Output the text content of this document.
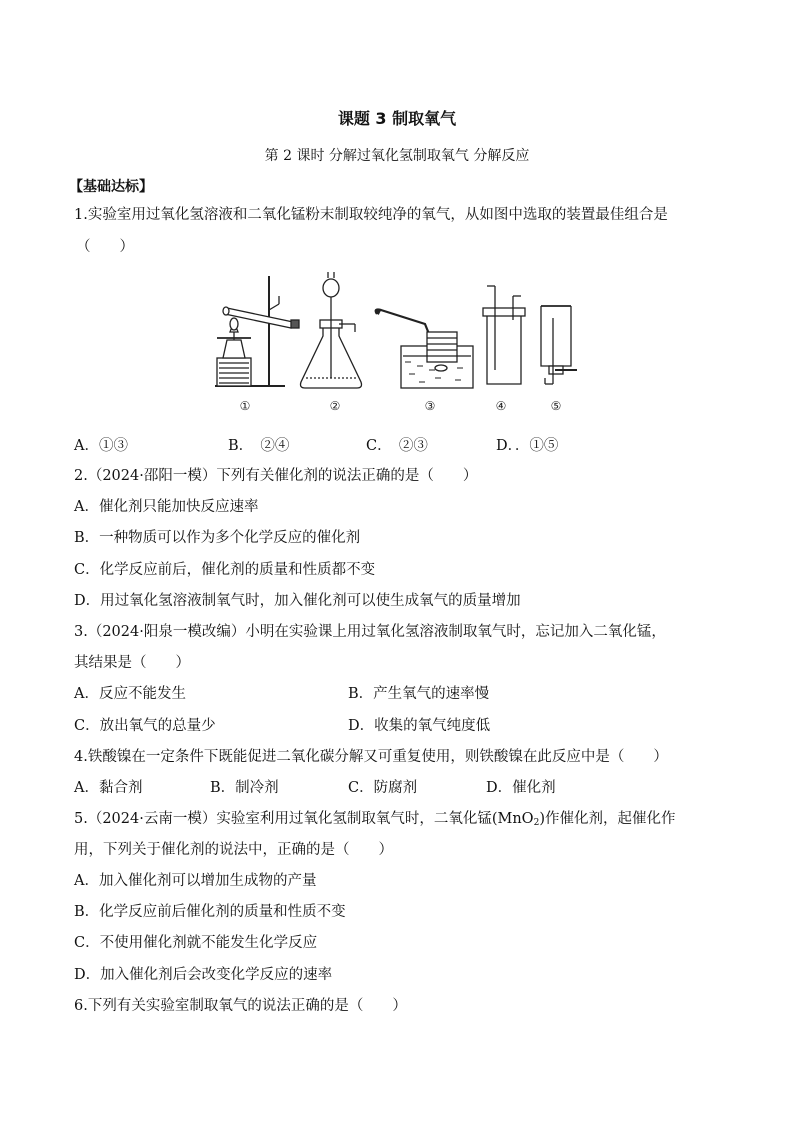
课题 3 制取氧气
第 2 课时 分解过氧化氢制取氧气 分解反应
【基础达标】
1.实验室用过氧化氢溶液和二氧化锰粉末制取较纯净的氧气，从如图中选取的装置最佳组合是
（　　）
①	②	③	④	⑤
A．①③	B．　②④	C．　②③	D．．①⑤
2.（2024·邵阳一模）下列有关催化剂的说法正确的是（　　）
A．催化剂只能加快反应速率
B．一种物质可以作为多个化学反应的催化剂
C．化学反应前后，催化剂的质量和性质都不变
D．用过氧化氢溶液制氧气时，加入催化剂可以使生成氧气的质量增加
3.（2024·阳泉一模改编）小明在实验课上用过氧化氢溶液制取氧气时，忘记加入二氧化锰，
其结果是（　　）
A．反应不能发生	B．产生氧气的速率慢
C．放出氧气的总量少	D．收集的氧气纯度低
4.铁酸镍在一定条件下既能促进二氧化碳分解又可重复使用，则铁酸镍在此反应中是（　　）
A．黏合剂	B．制冷剂	C．防腐剂	D．催化剂
5.（2024·云南一模）实验室利用过氧化氢制取氧气时，二氧化锰(MnO$_2$)作催化剂，起催化作
用，下列关于催化剂的说法中，正确的是（　　）
A．加入催化剂可以增加生成物的产量
B．化学反应前后催化剂的质量和性质不变
C．不使用催化剂就不能发生化学反应
D．加入催化剂后会改变化学反应的速率
6.下列有关实验室制取氧气的说法正确的是（　　）
